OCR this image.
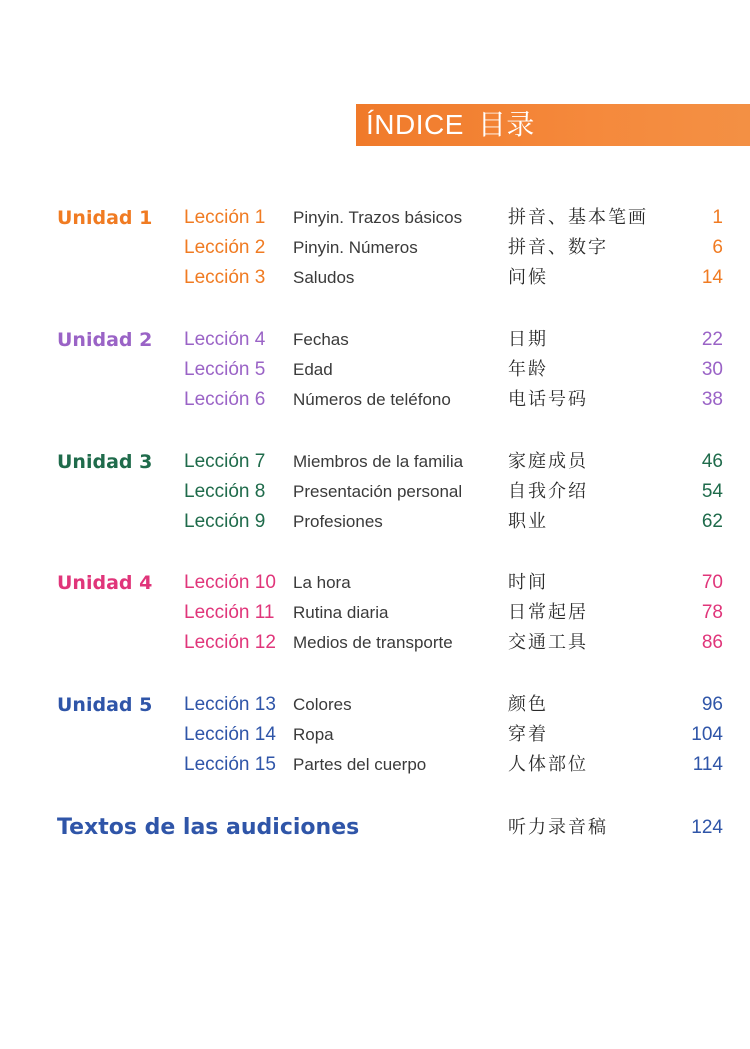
ÍNDICE 目录
Unidad 1 Lección 1 Pinyin. Trazos básicos	拼音、基本笔画	1
Lección 2 Pinyin. Números	拼音、数字	6
Lección 3 Saludos	问候	14
Unidad 2 Lección 4 Fechas	日期	22
Lección 5 Edad	年龄	30
Lección 6 Números de teléfono	电话号码	38
Unidad 3 Lección 7 Miembros de la familia 家庭成员	46
Lección 8 Presentación personal	自我介绍	54
Lección 9 Profesiones	职业	62
Unidad 4 Lección 10 La hora	时间	70
Lección 11 Rutina diaria	日常起居	78
Lección 12 Medios de transporte	交通工具	86
Unidad 5 Lección 13 Colores	颜色	96
Lección 14 Ropa	穿着	104
Lección 15 Partes del cuerpo	人体部位	114
Textos de las audiciones	听力录音稿	124
